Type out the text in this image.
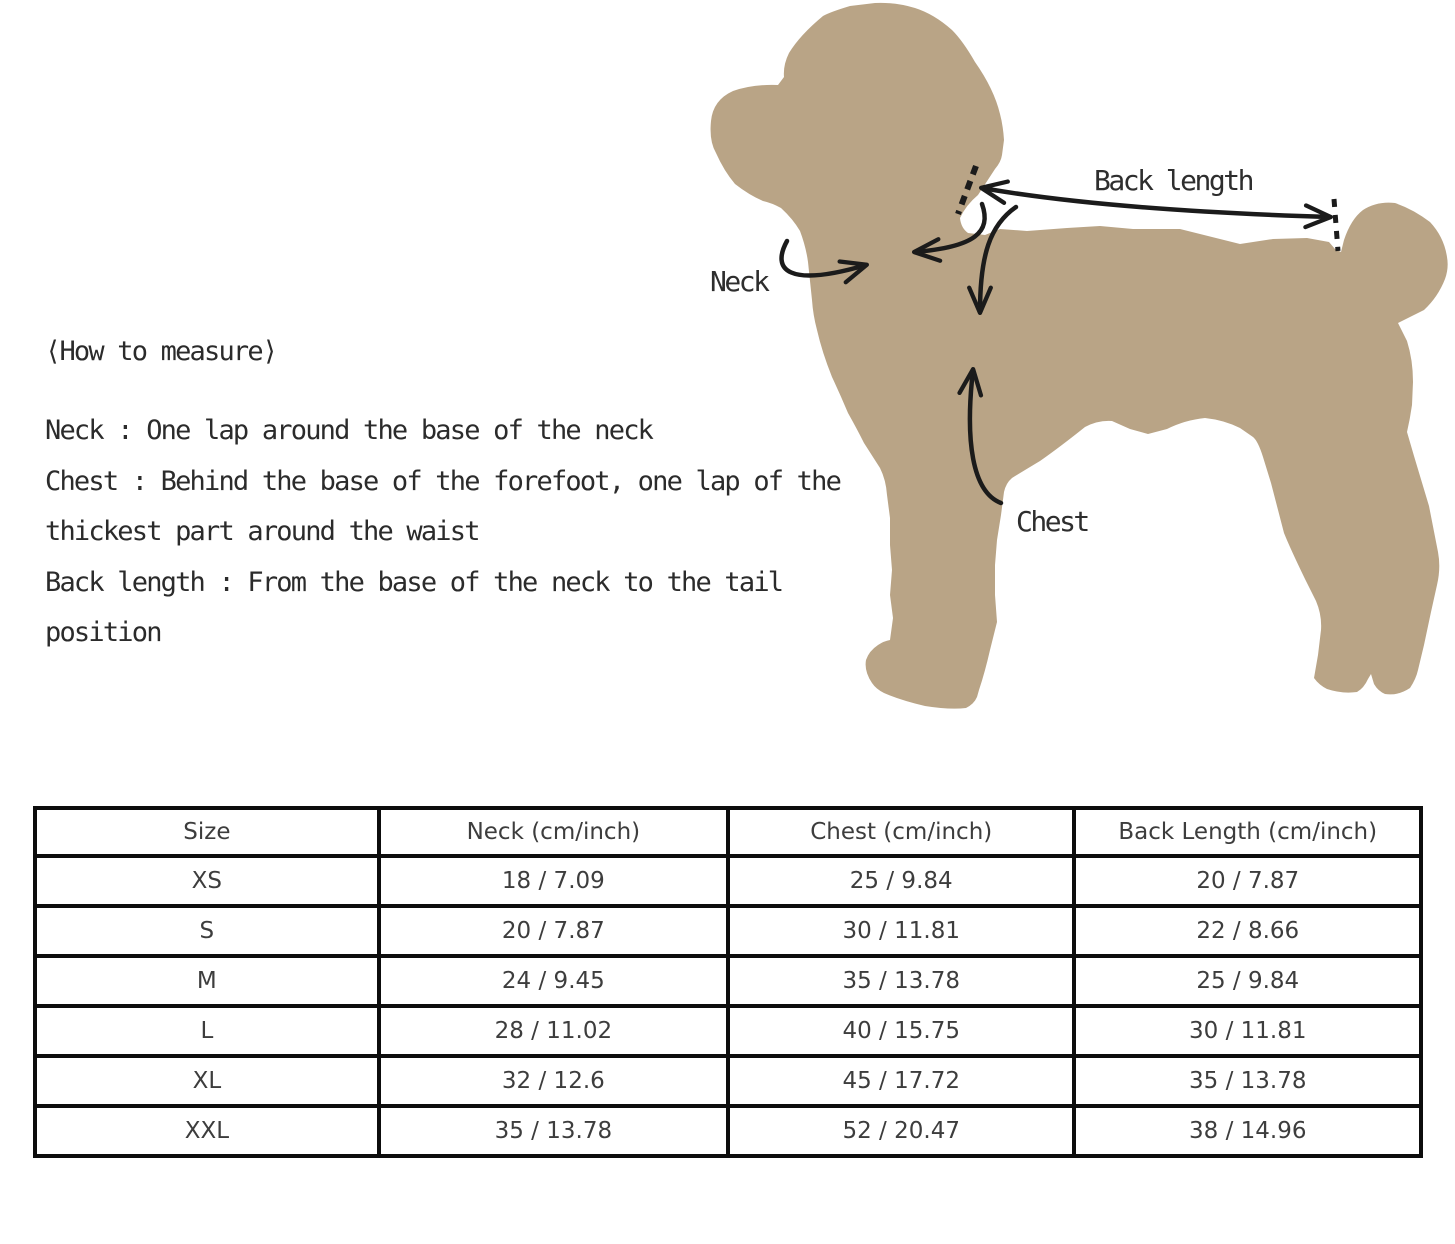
Neck
Back length
Chest
⟨How to measure⟩
Neck : One lap around the base of the neck
Chest : Behind the base of the forefoot, one lap of the
thickest part around the waist
Back length : From the base of the neck to the tail
position
Size	Neck (cm/inch)	Chest (cm/inch)	Back Length (cm/inch)
XS	18 / 7.09	25 / 9.84	20 / 7.87
S	20 / 7.87	30 / 11.81	22 / 8.66
M	24 / 9.45	35 / 13.78	25 / 9.84
L	28 / 11.02	40 / 15.75	30 / 11.81
XL	32 / 12.6	45 / 17.72	35 / 13.78
XXL	35 / 13.78	52 / 20.47	38 / 14.96
